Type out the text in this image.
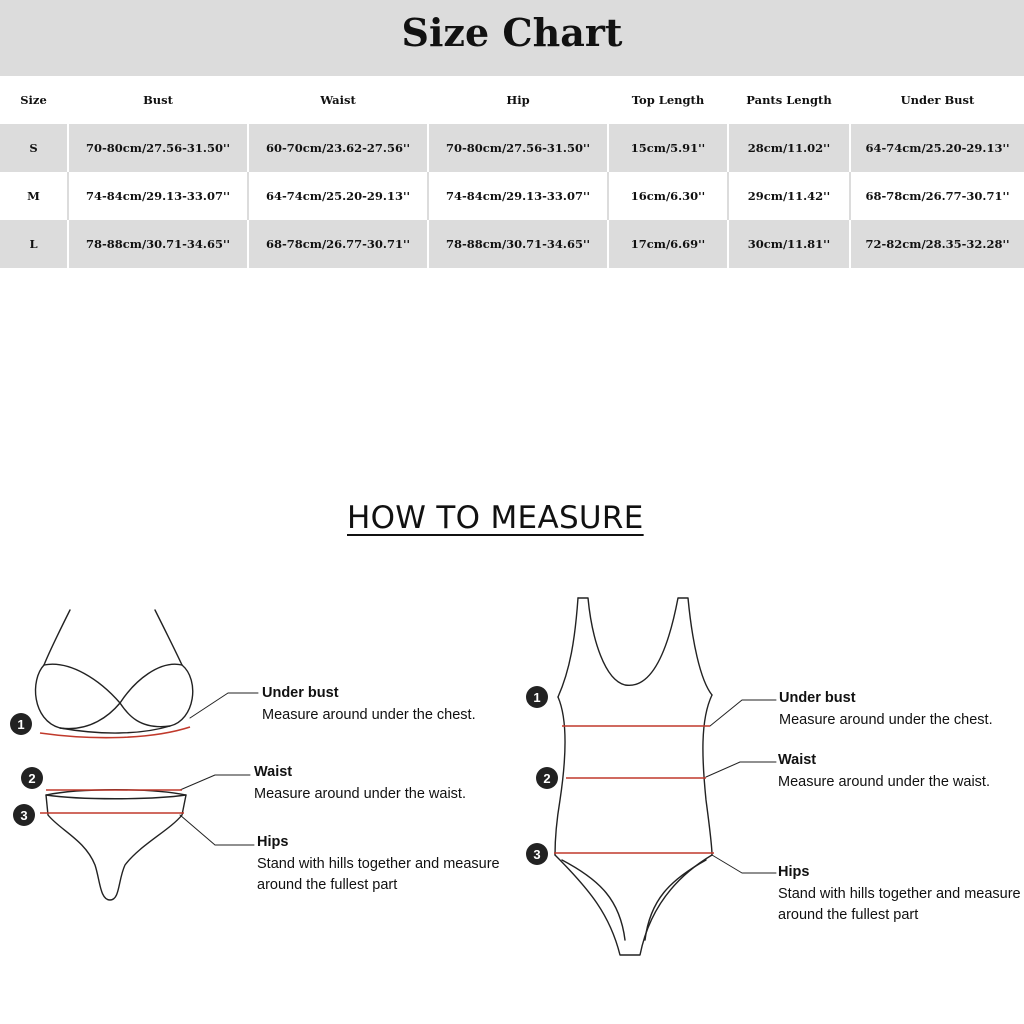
Size Chart
Size	Bust	Waist	Hip	Top Length	Pants Length	Under Bust
S	70-80cm/27.56-31.50''	60-70cm/23.62-27.56''	70-80cm/27.56-31.50''	15cm/5.91''	28cm/11.02''	64-74cm/25.20-29.13''
M	74-84cm/29.13-33.07''	64-74cm/25.20-29.13''	74-84cm/29.13-33.07''	16cm/6.30''	29cm/11.42''	68-78cm/26.77-30.71''
L	78-88cm/30.71-34.65''	68-78cm/26.77-30.71''	78-88cm/30.71-34.65''	17cm/6.69''	30cm/11.81''	72-82cm/28.35-32.28''
HOW TO MEASURE
1
2
3
1
2
3
Under bust
Measure around under the chest.
Waist
Measure around under the waist.
Hips
Stand with hills together and measure
around the fullest part
Under bust
Measure around under the chest.
Waist
Measure around under the waist.
Hips
Stand with hills together and measure
around the fullest part
